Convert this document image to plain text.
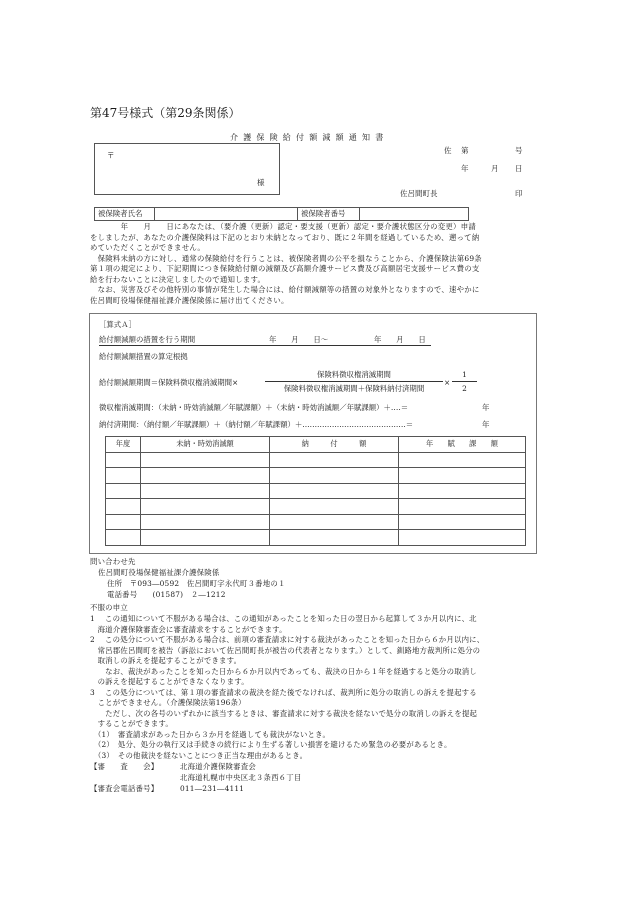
第47号様式（第29条関係）
介護保険給付額減額通知書
〒
様
佐 第	号
年	月 日
佐呂間町長	印
被保険者氏名	被保険者番号
　　　　年　　月　　日にあなたは、（要介護（更新）認定・要支援（更新）認定・要介護状態区分の変更）申請
をしましたが、あなたの介護保険料は下記のとおり未納となっており、既に２年間を経過しているため、遡って納
めていただくことができません。
　保険料未納の方に対し、通常の保険給付を行うことは、被保険者間の公平を損なうことから、介護保険法第69条
第１項の規定により、下記期間につき保険給付額の減額及び高額介護サービス費及び高額居宅支援サービス費の支
給を行わないことに決定しましたので通知します。
　なお、災害及びその他特別の事情が発生した場合には、給付額減額等の措置の対象外となりますので、速やかに
佐呂間町役場保健福祉課介護保険係に届け出てください。
［算式Ａ］
給付額減額の措置を行う期間	年　　月　　日〜	年　　月　　日
給付額減額措置の算定根拠
給付額減額期間＝保険料徴収権消滅期間×
保険料徴収権消滅期間
保険料徴収権消滅期間＋保険料納付済期間
×
1
2
徴収権消滅期間：（未納・時効消滅額／年賦課額）＋（未納・時効消滅額／年賦課額）＋‥‥＝	年
納付済期間：（納付額／年賦課額）＋（納付額／年賦課額）＋‥‥‥‥‥‥‥‥‥‥‥‥‥‥‥‥‥‥‥‥‥＝	年
年度	未納・時効消滅額	納　　　付　　　額	年　　賦　　課　　額

問い合わせ先
佐呂間町役場保健福祉課介護保険係
住所　〒093―0592　佐呂間町字永代町３番地の１
電話番号　　(01587)　２―1212
不服の申立
1　 この通知について不服がある場合は、この通知があったことを知った日の翌日から起算して３か月以内に、北
　海道介護保険審査会に審査請求をすることができます。
2　 この処分について不服がある場合は、前項の審査請求に対する裁決があったことを知った日から６か月以内に、
　常呂郡佐呂間町を被告（訴訟において佐呂間町長が被告の代表者となります。）として、釧路地方裁判所に処分の
　取消しの訴えを提起することができます。
　　なお、裁決があったことを知った日から６か月以内であっても、裁決の日から１年を経過すると処分の取消し
　の訴えを提起することができなくなります。
3　 この処分については、第１項の審査請求の裁決を経た後でなければ、裁判所に処分の取消しの訴えを提起する
　ことができません。（介護保険法第196条）
　　ただし、次の各号のいずれかに該当するときは、審査請求に対する裁決を経ないで処分の取消しの訴えを提起
　することができます。
　（1）　審査請求があった日から３か月を経過しても裁決がないとき。
　（2）　処分、処分の執行又は手続きの続行により生ずる著しい損害を避けるため緊急の必要があるとき。
　（3）　その他裁決を経ないことにつき正当な理由があるとき。
【審　　査　　会】	北海道介護保険審査会
北海道札幌市中央区北３条西６丁目
【審査会電話番号】	011―231―4111
